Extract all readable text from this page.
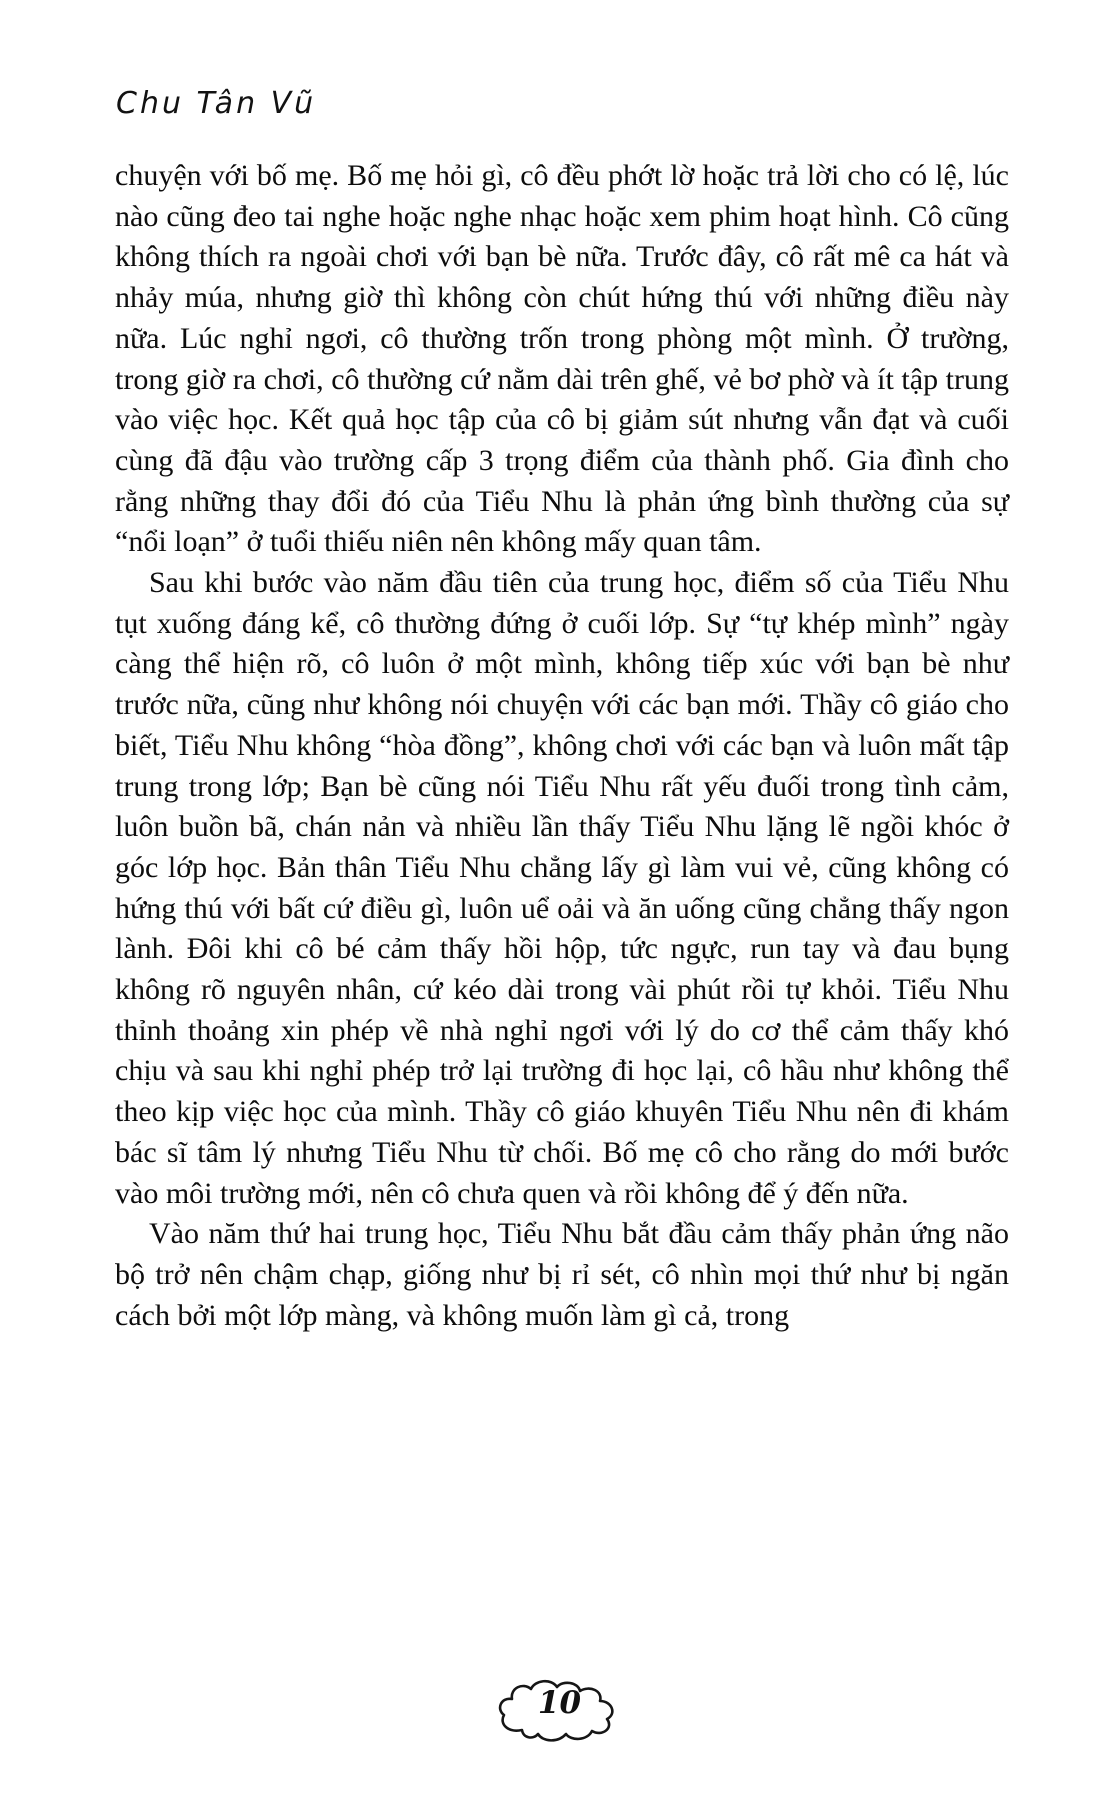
Chu Tân Vũ

chuyện với bố mẹ. Bố mẹ hỏi gì, cô đều phớt lờ hoặc trả lời cho có lệ, lúc nào cũng đeo tai nghe hoặc nghe nhạc hoặc xem phim hoạt hình. Cô cũng không thích ra ngoài chơi với bạn bè nữa. Trước đây, cô rất mê ca hát và nhảy múa, nhưng giờ thì không còn chút hứng thú với những điều này nữa. Lúc nghỉ ngơi, cô thường trốn trong phòng một mình. Ở trường, trong giờ ra chơi, cô thường cứ nằm dài trên ghế, vẻ bơ phờ và ít tập trung vào việc học. Kết quả học tập của cô bị giảm sút nhưng vẫn đạt và cuối cùng đã đậu vào trường cấp 3 trọng điểm của thành phố. Gia đình cho rằng những thay đổi đó của Tiểu Nhu là phản ứng bình thường của sự “nổi loạn” ở tuổi thiếu niên nên không mấy quan tâm.

Sau khi bước vào năm đầu tiên của trung học, điểm số của Tiểu Nhu tụt xuống đáng kể, cô thường đứng ở cuối lớp. Sự “tự khép mình” ngày càng thể hiện rõ, cô luôn ở một mình, không tiếp xúc với bạn bè như trước nữa, cũng như không nói chuyện với các bạn mới. Thầy cô giáo cho biết, Tiểu Nhu không “hòa đồng”, không chơi với các bạn và luôn mất tập trung trong lớp; Bạn bè cũng nói Tiểu Nhu rất yếu đuối trong tình cảm, luôn buồn bã, chán nản và nhiều lần thấy Tiểu Nhu lặng lẽ ngồi khóc ở góc lớp học. Bản thân Tiểu Nhu chẳng lấy gì làm vui vẻ, cũng không có hứng thú với bất cứ điều gì, luôn uể oải và ăn uống cũng chẳng thấy ngon lành. Đôi khi cô bé cảm thấy hồi hộp, tức ngực, run tay và đau bụng không rõ nguyên nhân, cứ kéo dài trong vài phút rồi tự khỏi. Tiểu Nhu thỉnh thoảng xin phép về nhà nghỉ ngơi với lý do cơ thể cảm thấy khó chịu và sau khi nghỉ phép trở lại trường đi học lại, cô hầu như không thể theo kịp việc học của mình. Thầy cô giáo khuyên Tiểu Nhu nên đi khám bác sĩ tâm lý nhưng Tiểu Nhu từ chối. Bố mẹ cô cho rằng do mới bước vào môi trường mới, nên cô chưa quen và rồi không để ý đến nữa.

Vào năm thứ hai trung học, Tiểu Nhu bắt đầu cảm thấy phản ứng não bộ trở nên chậm chạp, giống như bị rỉ sét, cô nhìn mọi thứ như bị ngăn cách bởi một lớp màng, và không muốn làm gì cả, trong

10
